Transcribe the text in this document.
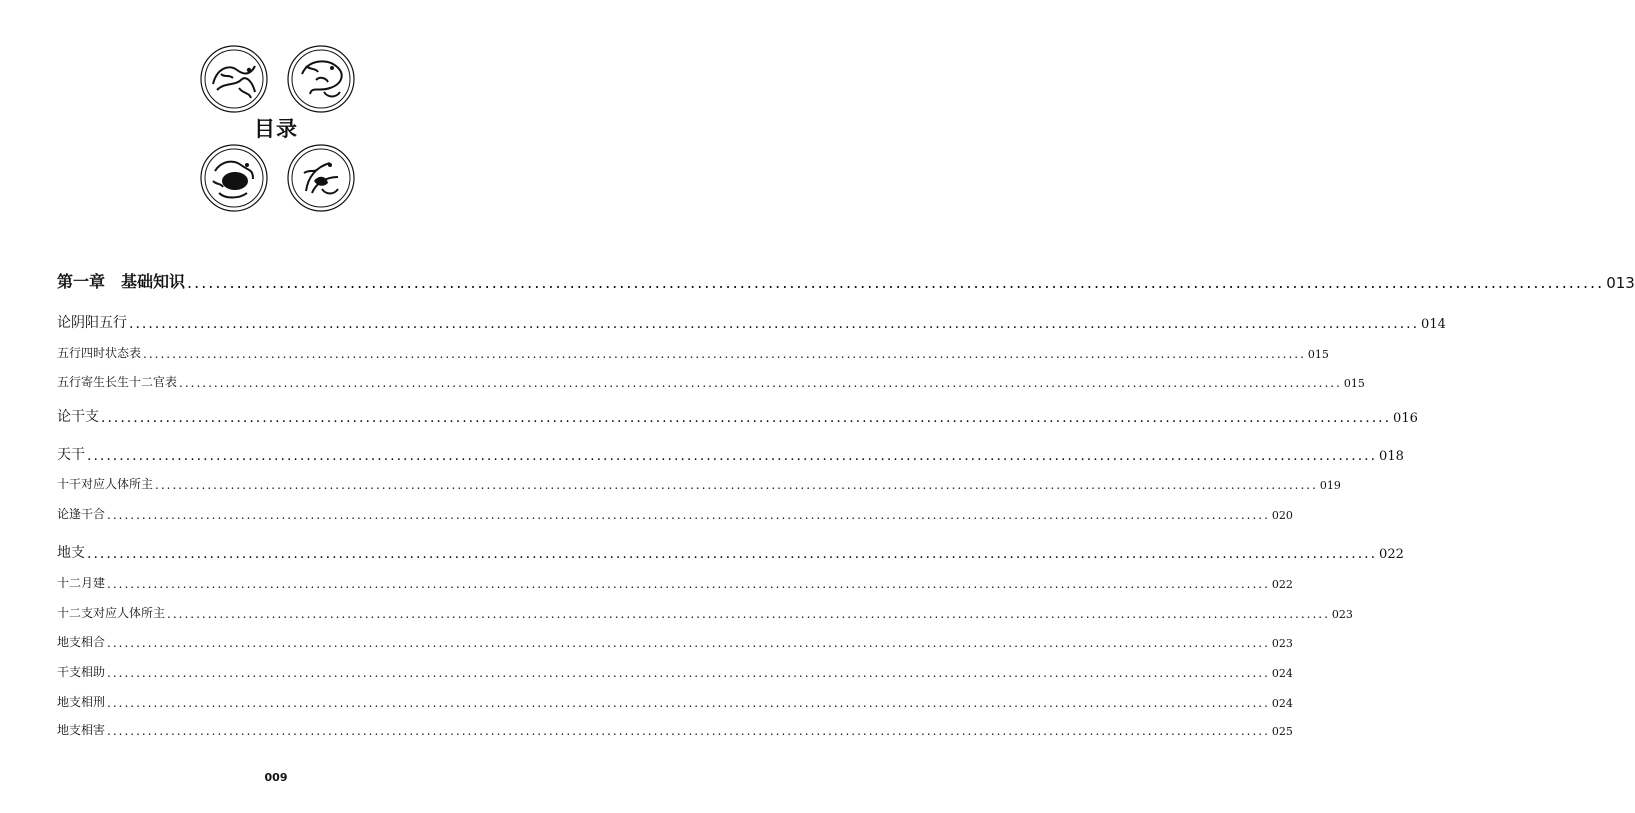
目录
第一章　基础知识 ........................................................................................................................................................................................................ 013
论阴阳五行 ........................................................................................................................................................................................................ 014
五行四时状态表 ........................................................................................................................................................................................................ 015
五行寄生长生十二官表 ........................................................................................................................................................................................................ 015
论干支 ........................................................................................................................................................................................................ 016
天干 ........................................................................................................................................................................................................ 018
十干对应人体所主 ........................................................................................................................................................................................................ 019
论逢干合 ........................................................................................................................................................................................................ 020
地支 ........................................................................................................................................................................................................ 022
十二月建 ........................................................................................................................................................................................................ 022
十二支对应人体所主 ........................................................................................................................................................................................................ 023
地支相合 ........................................................................................................................................................................................................ 023
干支相助 ........................................................................................................................................................................................................ 024
地支相刑 ........................................................................................................................................................................................................ 024
地支相害 ........................................................................................................................................................................................................ 025
009
